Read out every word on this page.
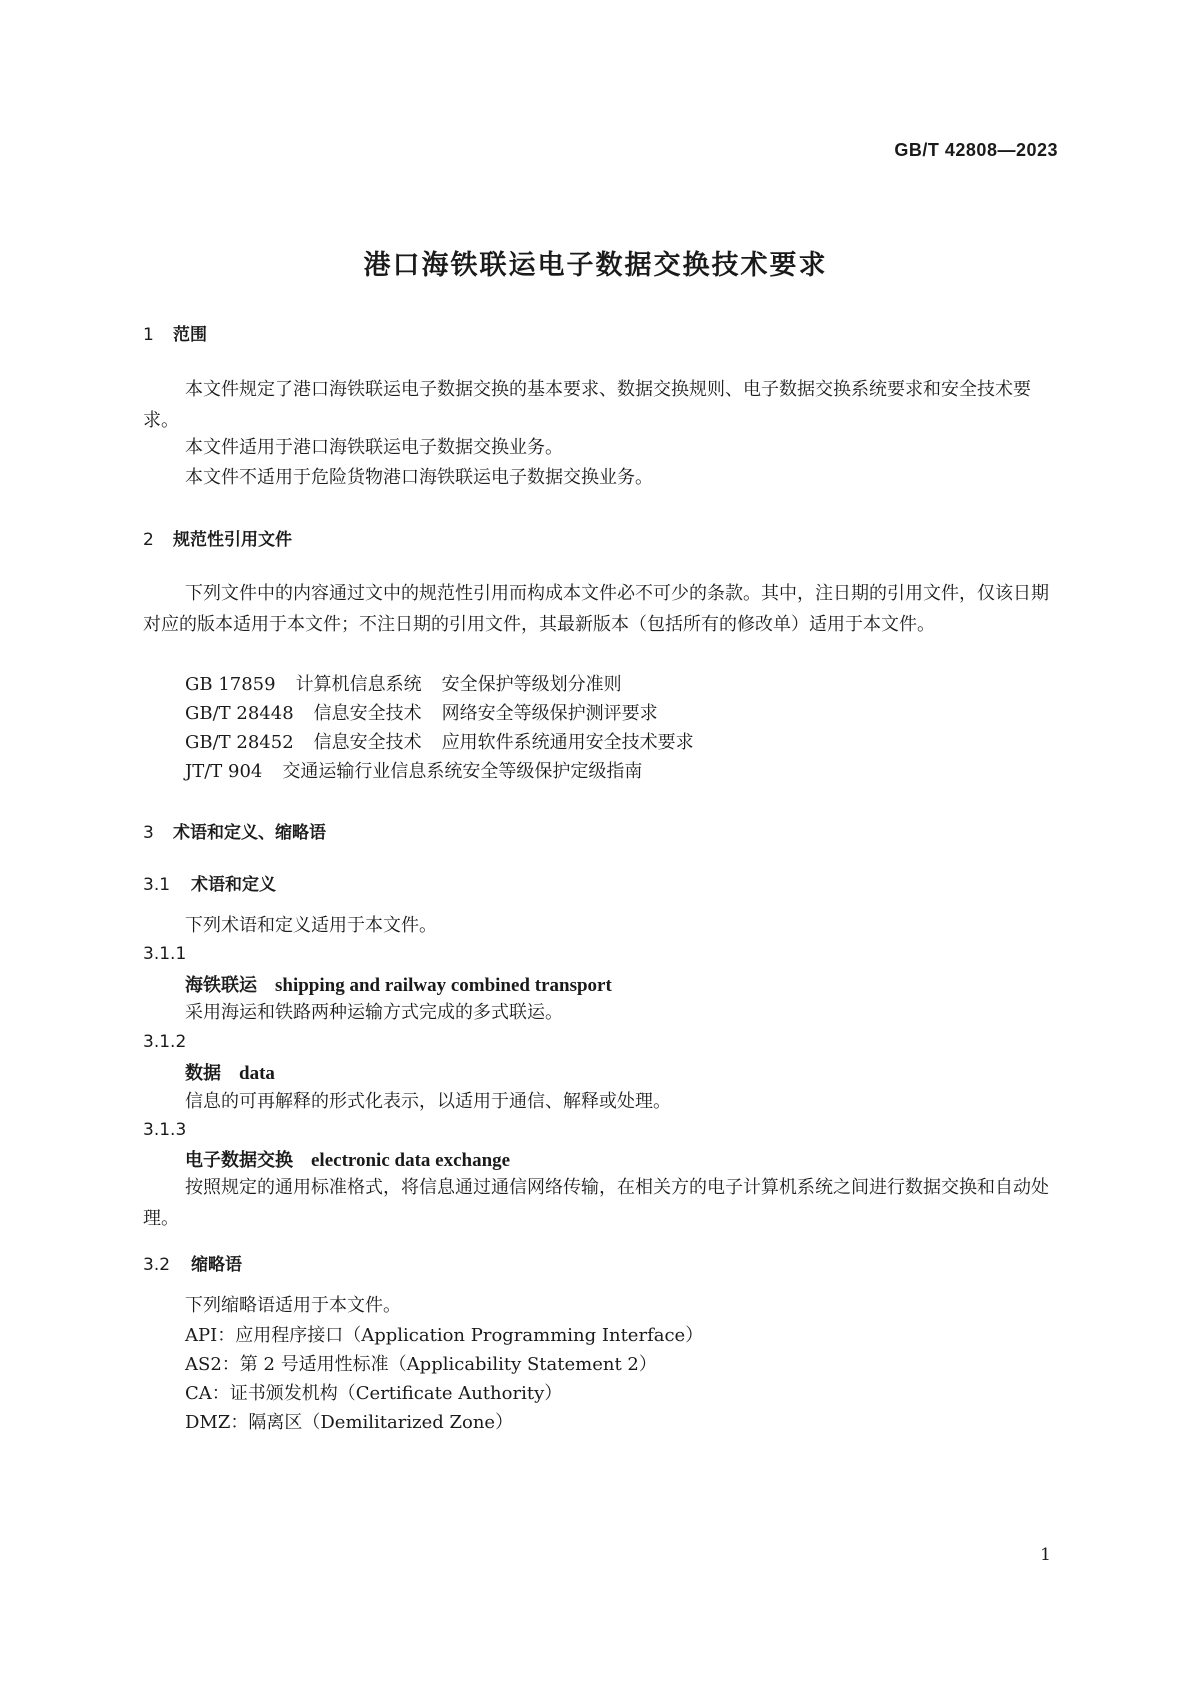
GB/T 42808—2023
港口海铁联运电子数据交换技术要求
1 范围
本文件规定了港口海铁联运电子数据交换的基本要求、数据交换规则、电子数据交换系统要求和安全技术要求。
本文件适用于港口海铁联运电子数据交换业务。
本文件不适用于危险货物港口海铁联运电子数据交换业务。
2 规范性引用文件
下列文件中的内容通过文中的规范性引用而构成本文件必不可少的条款。其中，注日期的引用文件，仅该日期对应的版本适用于本文件；不注日期的引用文件，其最新版本（包括所有的修改单）适用于本文件。
GB 17859 计算机信息系统 安全保护等级划分准则
GB/T 28448 信息安全技术 网络安全等级保护测评要求
GB/T 28452 信息安全技术 应用软件系统通用安全技术要求
JT/T 904 交通运输行业信息系统安全等级保护定级指南
3 术语和定义、缩略语
3.1 术语和定义
下列术语和定义适用于本文件。
3.1.1
海铁联运 shipping and railway combined transport
采用海运和铁路两种运输方式完成的多式联运。
3.1.2
数据 data
信息的可再解释的形式化表示，以适用于通信、解释或处理。
3.1.3
电子数据交换 electronic data exchange
按照规定的通用标准格式，将信息通过通信网络传输，在相关方的电子计算机系统之间进行数据交换和自动处理。
3.2 缩略语
下列缩略语适用于本文件。
API：应用程序接口（Application Programming Interface）
AS2：第 2 号适用性标准（Applicability Statement 2）
CA：证书颁发机构（Certificate Authority）
DMZ：隔离区（Demilitarized Zone）
1
